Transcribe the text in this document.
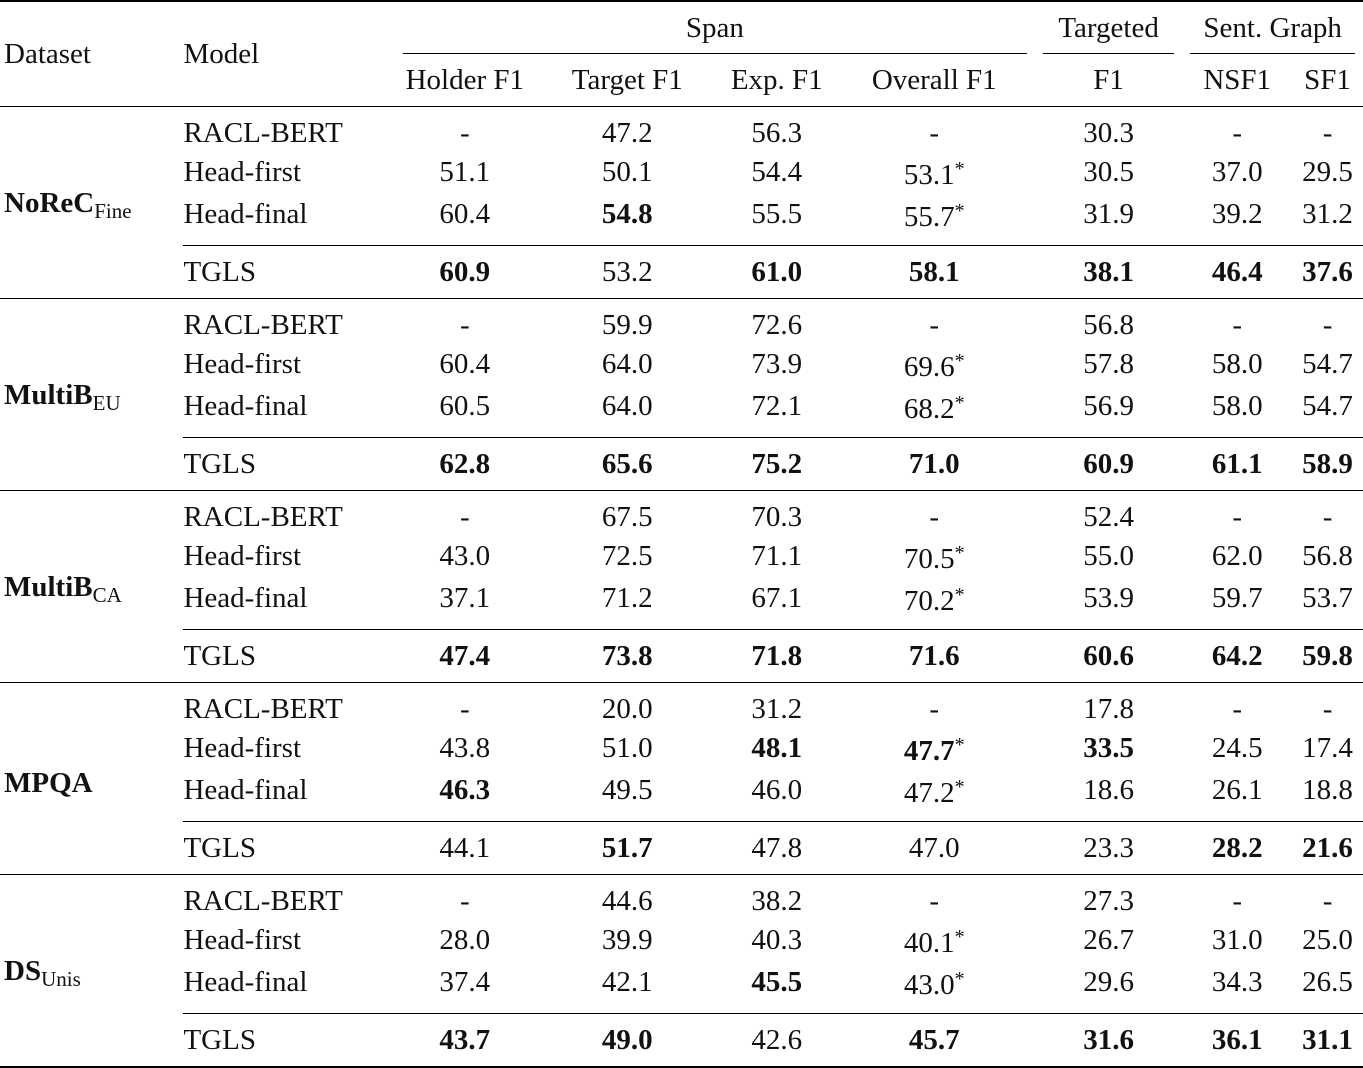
Dataset	Model	Span				Targeted	Sent. Graph	
		Holder F1	Target F1	Exp. F1	Overall F1	F1	NSF1	SF1
NoReC$_{Fine}$	RACL-BERT	-	47.2	56.3	-	30.3	-	-
	Head-first	51.1	50.1	54.4	53.1*	30.5	37.0	29.5
	Head-final	60.4	54.8	55.5	55.7*	31.9	39.2	31.2
	TGLS	60.9	53.2	61.0	58.1	38.1	46.4	37.6
MultiB$_{EU}$	RACL-BERT	-	59.9	72.6	-	56.8	-	-
	Head-first	60.4	64.0	73.9	69.6*	57.8	58.0	54.7
	Head-final	60.5	64.0	72.1	68.2*	56.9	58.0	54.7
	TGLS	62.8	65.6	75.2	71.0	60.9	61.1	58.9
MultiB$_{CA}$	RACL-BERT	-	67.5	70.3	-	52.4	-	-
	Head-first	43.0	72.5	71.1	70.5*	55.0	62.0	56.8
	Head-final	37.1	71.2	67.1	70.2*	53.9	59.7	53.7
	TGLS	47.4	73.8	71.8	71.6	60.6	64.2	59.8
MPQA	RACL-BERT	-	20.0	31.2	-	17.8	-	-
	Head-first	43.8	51.0	48.1	47.7*	33.5	24.5	17.4
	Head-final	46.3	49.5	46.0	47.2*	18.6	26.1	18.8
	TGLS	44.1	51.7	47.8	47.0	23.3	28.2	21.6
$DS_{Unis}$	RACL-BERT	-	44.6	38.2	-	27.3	-	-
	Head-first	28.0	39.9	40.3	40.1*	26.7	31.0	25.0
	Head-final	37.4	42.1	45.5	43.0*	29.6	34.3	26.5
	TGLS	43.7	49.0	42.6	45.7	31.6	36.1	31.1
